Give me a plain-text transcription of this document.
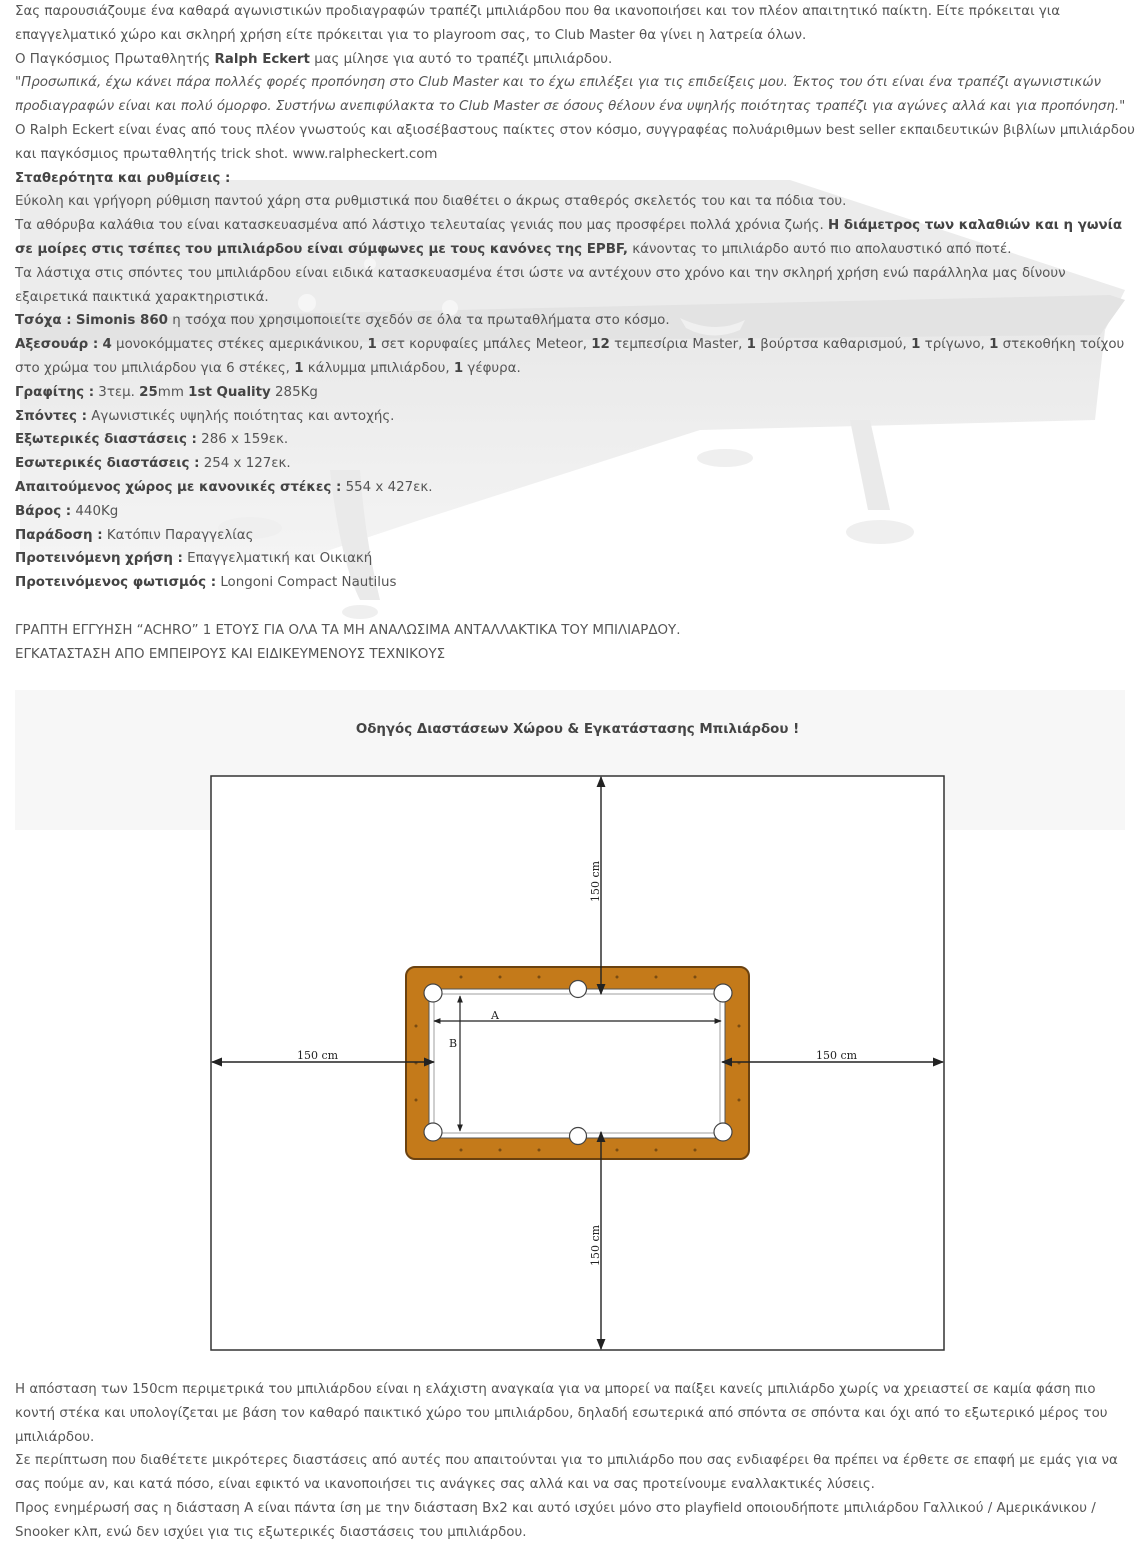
Σας παρουσιάζουμε ένα καθαρά αγωνιστικών προδιαγραφών τραπέζι μπιλιάρδου που θα ικανοποιήσει και τον πλέον απαιτητικό παίκτη. Είτε πρόκειται για επαγγελματικό χώρο και σκληρή χρήση είτε πρόκειται για το playroom σας, το Club Master θα γίνει η λατρεία όλων.

Ο Παγκόσμιος Πρωταθλητής Ralph Eckert μας μίλησε για αυτό το τραπέζι μπιλιάρδου.

"Προσωπικά, έχω κάνει πάρα πολλές φορές προπόνηση στο Club Master και το έχω επιλέξει για τις επιδείξεις μου. Έκτος του ότι είναι ένα τραπέζι αγωνιστικών προδιαγραφών είναι και πολύ όμορφο. Συστήνω ανεπιφύλακτα το Club Master σε όσους θέλουν ένα υψηλής ποιότητας τραπέζι για αγώνες αλλά και για προπόνηση."

Ο Ralph Eckert είναι ένας από τους πλέον γνωστούς και αξιοσέβαστους παίκτες στον κόσμο, συγγραφέας πολυάριθμων best seller εκπαιδευτικών βιβλίων μπιλιάρδου και παγκόσμιος πρωταθλητής trick shot. www.ralpheckert.com

Σταθερότητα και ρυθμίσεις :

Εύκολη και γρήγορη ρύθμιση παντού χάρη στα ρυθμιστικά που διαθέτει ο άκρως σταθερός σκελετός του και τα πόδια του.

Τα αθόρυβα καλάθια του είναι κατασκευασμένα από λάστιχο τελευταίας γενιάς που μας προσφέρει πολλά χρόνια ζωής. Η διάμετρος των καλαθιών και η γωνία σε μοίρες στις τσέπες του μπιλιάρδου είναι σύμφωνες με τους κανόνες της EPBF, κάνοντας το μπιλιάρδο αυτό πιο απολαυστικό από ποτέ.

Τα λάστιχα στις σπόντες του μπιλιάρδου είναι ειδικά κατασκευασμένα έτσι ώστε να αντέχουν στο χρόνο και την σκληρή χρήση ενώ παράλληλα μας δίνουν εξαιρετικά παικτικά χαρακτηριστικά.

Τσόχα : Simonis 860 η τσόχα που χρησιμοποιείτε σχεδόν σε όλα τα πρωταθλήματα στο κόσμο.

Αξεσουάρ : 4 μονοκόμματες στέκες αμερικάνικου, 1 σετ κορυφαίες μπάλες Meteor, 12 τεμπεσίρια Master, 1 βούρτσα καθαρισμού, 1 τρίγωνο, 1 στεκοθήκη τοίχου στο χρώμα του μπιλιάρδου για 6 στέκες, 1 κάλυμμα μπιλιάρδου, 1 γέφυρα.

Γραφίτης : 3τεμ. 25mm 1st Quality 285Kg

Σπόντες : Αγωνιστικές υψηλής ποιότητας και αντοχής.

Εξωτερικές διαστάσεις : 286 x 159εκ.

Εσωτερικές διαστάσεις : 254 x 127εκ.

Απαιτούμενος χώρος με κανονικές στέκες : 554 x 427εκ.

Βάρος : 440Kg

Παράδοση : Κατόπιν Παραγγελίας

Προτεινόμενη χρήση : Επαγγελματική και Οικιακή

Προτεινόμενος φωτισμός : Longoni Compact Nautilus

ΓΡΑΠΤΗ ΕΓΓΥΗΣΗ “ACHRO” 1 ΕΤΟΥΣ ΓΙΑ ΟΛΑ ΤΑ ΜΗ ΑΝΑΛΩΣΙΜΑ ΑΝΤΑΛΛΑΚΤΙΚΑ ΤΟΥ ΜΠΙΛΙΑΡΔΟΥ.

ΕΓΚΑΤΑΣΤΑΣΗ ΑΠΟ ΕΜΠΕΙΡΟΥΣ ΚΑΙ ΕΙΔΙΚΕΥΜΕΝΟΥΣ ΤΕΧΝΙΚΟΥΣ

Οδηγός Διαστάσεων Χώρου & Εγκατάστασης Μπιλιάρδου !
A
B
150 cm
150 cm
150 cm	150 cm

Η απόσταση των 150cm περιμετρικά του μπιλιάρδου είναι η ελάχιστη αναγκαία για να μπορεί να παίξει κανείς μπιλιάρδο χωρίς να χρειαστεί σε καμία φάση πιο κοντή στέκα και υπολογίζεται με βάση τον καθαρό παικτικό χώρο του μπιλιάρδου, δηλαδή εσωτερικά από σπόντα σε σπόντα και όχι από το εξωτερικό μέρος του μπιλιάρδου.

Σε περίπτωση που διαθέτετε μικρότερες διαστάσεις από αυτές που απαιτούνται για το μπιλιάρδο που σας ενδιαφέρει θα πρέπει να έρθετε σε επαφή με εμάς για να σας πούμε αν, και κατά πόσο, είναι εφικτό να ικανοποιήσει τις ανάγκες σας αλλά και να σας προτείνουμε εναλλακτικές λύσεις.

Προς ενημέρωσή σας η διάσταση A είναι πάντα ίση με την διάσταση Bx2 και αυτό ισχύει μόνο στο playfield οποιουδήποτε μπιλιάρδου Γαλλικού / Αμερικάνικου / Snooker κλπ, ενώ δεν ισχύει για τις εξωτερικές διαστάσεις του μπιλιάρδου.
